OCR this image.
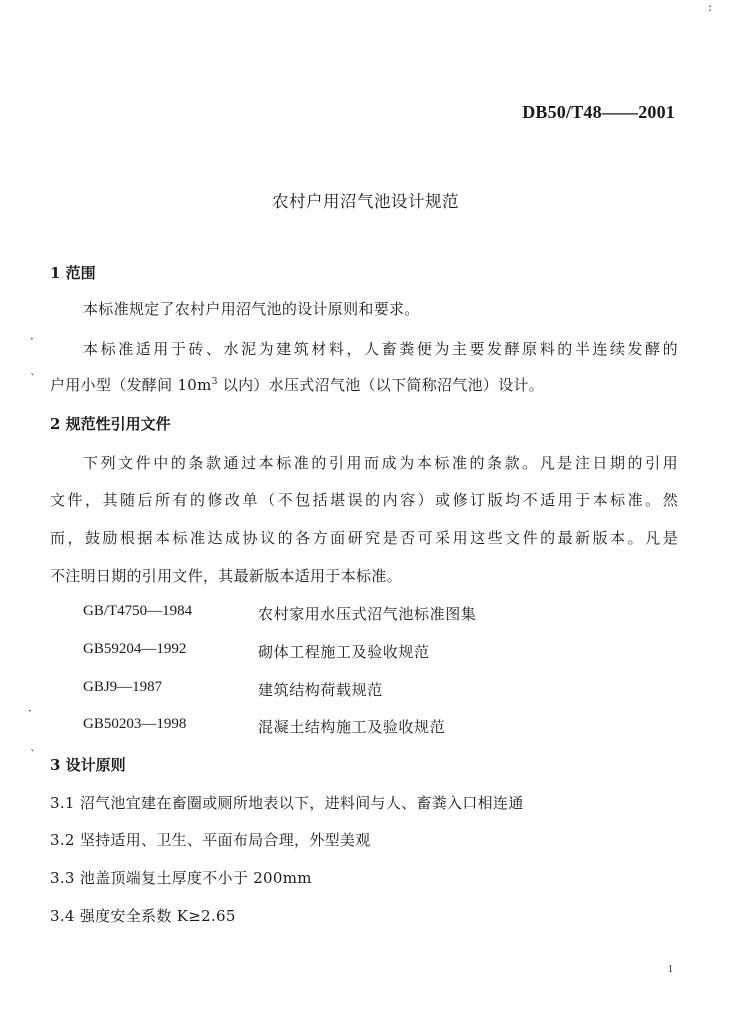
DB50/T48——2001
农村户用沼气池设计规范
1 范围
本标准规定了农村户用沼气池的设计原则和要求。
本标准适用于砖、水泥为建筑材料，人畜粪便为主要发酵原料的半连续发酵的
户用小型（发酵间 $10m^3$ 以内）水压式沼气池（以下简称沼气池）设计。
2 规范性引用文件
下列文件中的条款通过本标准的引用而成为本标准的条款。凡是注日期的引用
文件，其随后所有的修改单（不包括堪误的内容）或修订版均不适用于本标准。然
而，鼓励根据本标准达成协议的各方面研究是否可采用这些文件的最新版本。凡是
不注明日期的引用文件，其最新版本适用于本标准。
GB/T4750—1984	农村家用水压式沼气池标准图集
GB59204—1992	砌体工程施工及验收规范
GBJ9—1987	建筑结构荷载规范
GB50203—1998	混凝土结构施工及验收规范
3 设计原则
3.1 沼气池宜建在畜圈或厕所地表以下，进料间与人、畜粪入口相连通
3.2 坚持适用、卫生、平面布局合理，外型美观
3.3 池盖顶端复土厚度不小于 200mm
3.4 强度安全系数 K≥2.65
1
·
`
·
`
:
